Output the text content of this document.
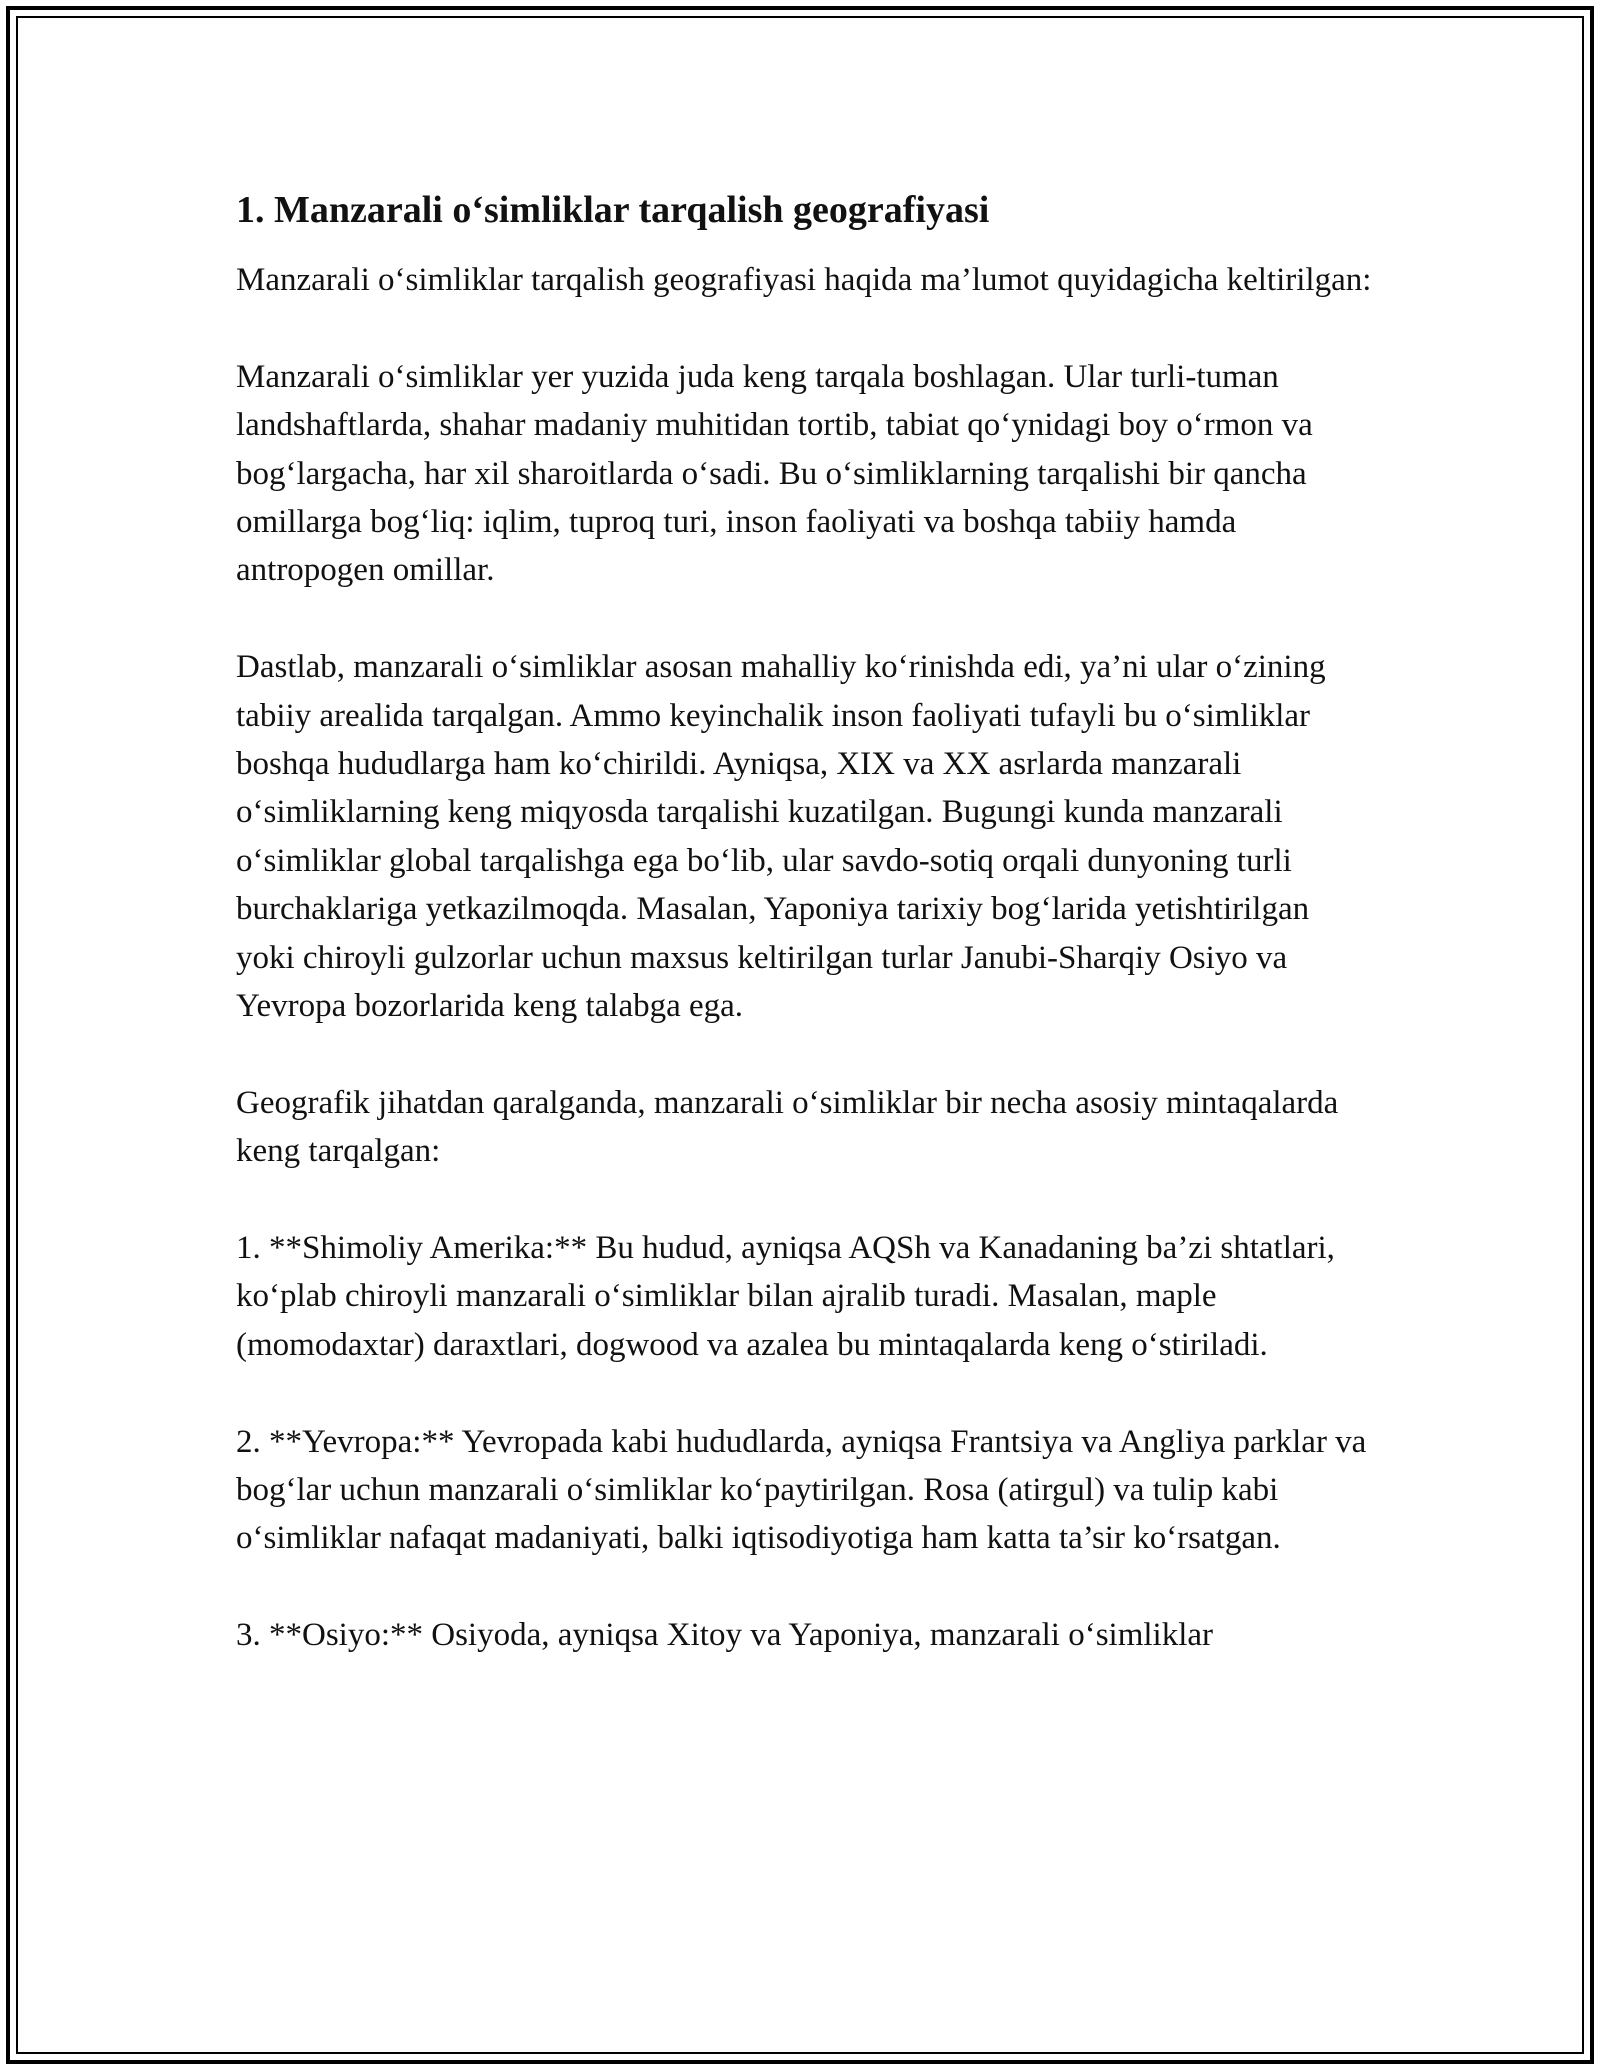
1. Manzarali o‘simliklar tarqalish geografiyasi

Manzarali o‘simliklar tarqalish geografiyasi haqida ma’lumot quyidagicha keltirilgan:

Manzarali o‘simliklar yer yuzida juda keng tarqala boshlagan. Ular turli-tuman landshaftlarda, shahar madaniy muhitidan tortib, tabiat qo‘ynidagi boy o‘rmon va bog‘largacha, har xil sharoitlarda o‘sadi. Bu o‘simliklarning tarqalishi bir qancha omillarga bog‘liq: iqlim, tuproq turi, inson faoliyati va boshqa tabiiy hamda antropogen omillar.

Dastlab, manzarali o‘simliklar asosan mahalliy ko‘rinishda edi, ya’ni ular o‘zining tabiiy arealida tarqalgan. Ammo keyinchalik inson faoliyati tufayli bu o‘simliklar boshqa hududlarga ham ko‘chirildi. Ayniqsa, XIX va XX asrlarda manzarali o‘simliklarning keng miqyosda tarqalishi kuzatilgan. Bugungi kunda manzarali o‘simliklar global tarqalishga ega bo‘lib, ular savdo-sotiq orqali dunyoning turli burchaklariga yetkazilmoqda. Masalan, Yaponiya tarixiy bog‘larida yetishtirilgan yoki chiroyli gulzorlar uchun maxsus keltirilgan turlar Janubi-Sharqiy Osiyo va Yevropa bozorlarida keng talabga ega.

Geografik jihatdan qaralganda, manzarali o‘simliklar bir necha asosiy mintaqalarda keng tarqalgan:

1. **Shimoliy Amerika:** Bu hudud, ayniqsa AQSh va Kanadaning ba’zi shtatlari, ko‘plab chiroyli manzarali o‘simliklar bilan ajralib turadi. Masalan, maple (momodaxtar) daraxtlari, dogwood va azalea bu mintaqalarda keng o‘stiriladi.

2. **Yevropa:** Yevropada kabi hududlarda, ayniqsa Frantsiya va Angliya parklar va bog‘lar uchun manzarali o‘simliklar ko‘paytirilgan. Rosa (atirgul) va tulip kabi o‘simliklar nafaqat madaniyati, balki iqtisodiyotiga ham katta ta’sir ko‘rsatgan.

3. **Osiyo:** Osiyoda, ayniqsa Xitoy va Yaponiya, manzarali o‘simliklar
